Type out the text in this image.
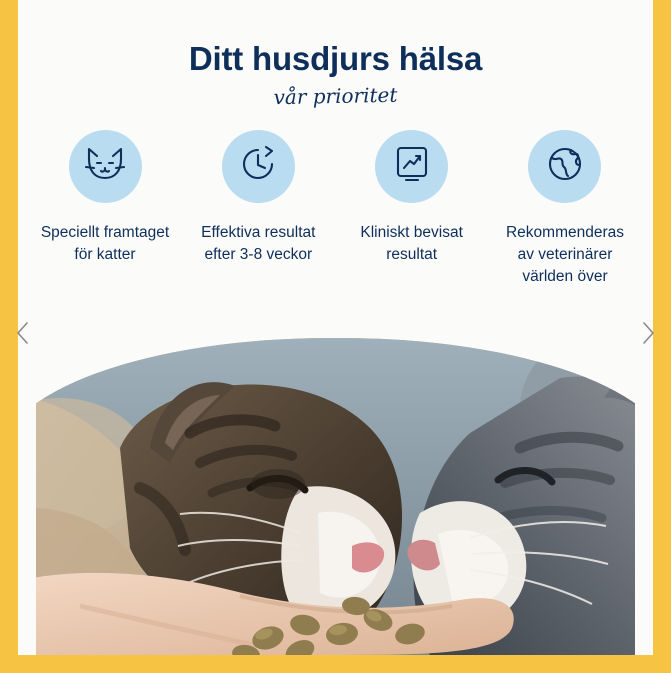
Ditt husdjurs hälsa
vår prioritet
Speciellt framtaget för katter
Effektiva resultat efter 3-8 veckor
Kliniskt bevisat resultat
Rekommenderas av veterinärer världen över
